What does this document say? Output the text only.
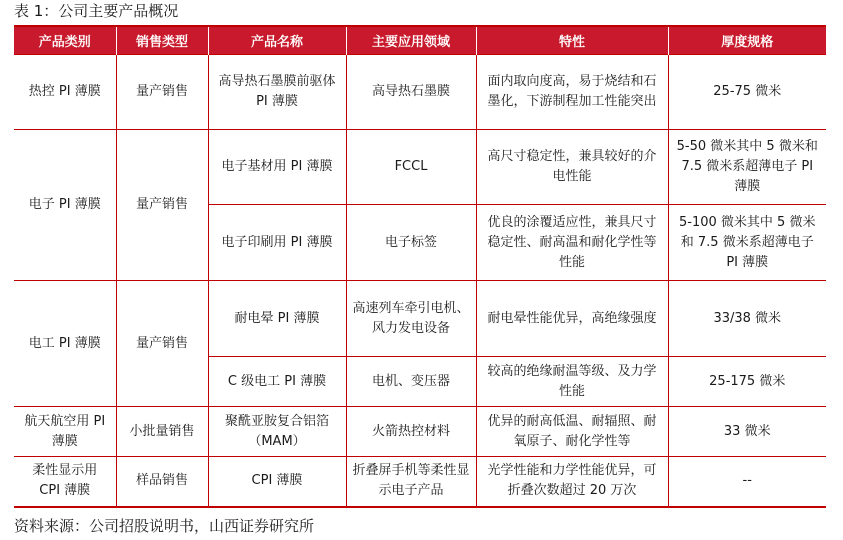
表 1：公司主要产品概况
产品类别	销售类型	产品名称	主要应用领域	特性	厚度规格
热控 PI 薄膜	量产销售	高导热石墨膜前驱体 PI 薄膜	高导热石墨膜	面内取向度高，易于烧结和石墨化，下游制程加工性能突出	25-75 微米
电子 PI 薄膜	量产销售	电子基材用 PI 薄膜	FCCL	高尺寸稳定性，兼具较好的介电性能	5-50 微米其中 5 微米和 7.5 微米系超薄电子 PI 薄膜
		电子印刷用 PI 薄膜	电子标签	优良的涂覆适应性，兼具尺寸稳定性、耐高温和耐化学性等性能	5-100 微米其中 5 微米和 7.5 微米系超薄电子 PI 薄膜
电工 PI 薄膜	量产销售	耐电晕 PI 薄膜	高速列车牵引电机、风力发电设备	耐电晕性能优异，高绝缘强度	33/38 微米
		C 级电工 PI 薄膜	电机、变压器	较高的绝缘耐温等级、及力学性能	25-175 微米
航天航空用 PI 薄膜	小批量销售	聚酰亚胺复合铝箔（MAM）	火箭热控材料	优异的耐高低温、耐辐照、耐氧原子、耐化学性等	33 微米
柔性显示用 CPI 薄膜	样品销售	CPI 薄膜	折叠屏手机等柔性显示电子产品	光学性能和力学性能优异，可折叠次数超过 20 万次	--
资料来源：公司招股说明书，山西证券研究所
